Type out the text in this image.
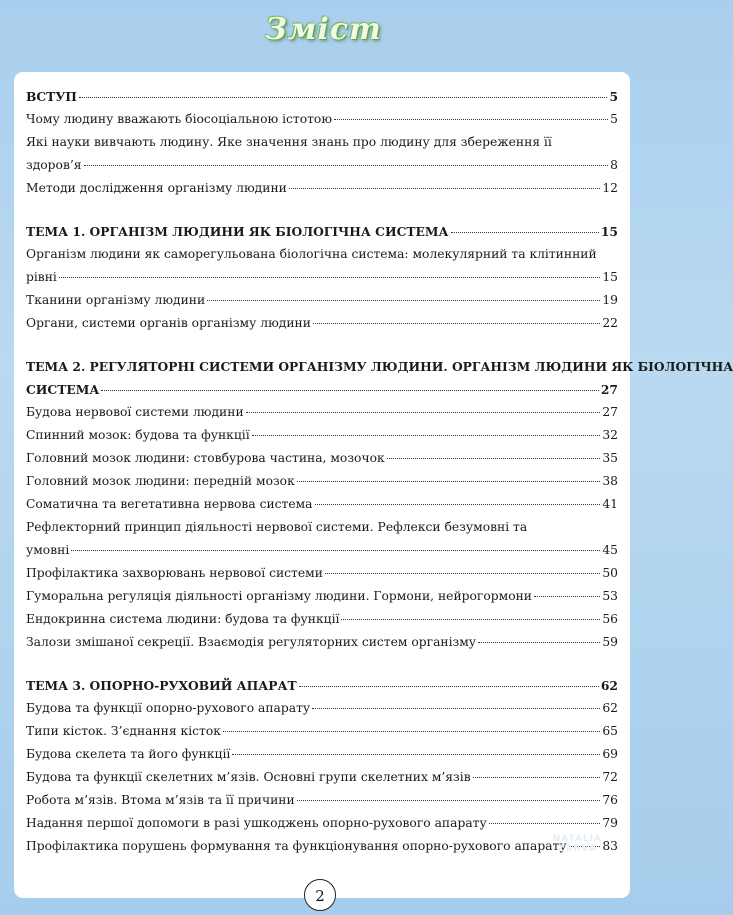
Зміст
ВСТУП	5
Чому людину вважають біосоціальною істотою	5
Які науки вивчають людину. Яке значення знань про людину для збереження її
здоров’я	8
Методи дослідження організму людини	12
ТЕМА 1. ОРГАНІЗМ ЛЮДИНИ ЯК БІОЛОГІЧНА СИСТЕМА	15
Організм людини як саморегульована біологічна система: молекулярний та клітинний
рівні	15
Тканини організму людини	19
Органи, системи органів організму людини	22
ТЕМА 2. РЕГУЛЯТОРНІ СИСТЕМИ ОРГАНІЗМУ ЛЮДИНИ. ОРГАНІЗМ ЛЮДИНИ ЯК БІОЛОГІЧНА
СИСТЕМА	27
Будова нервової системи людини	27
Спинний мозок: будова та функції	32
Головний мозок людини: стовбурова частина, мозочок	35
Головний мозок людини: передній мозок	38
Соматична та вегетативна нервова система	41
Рефлекторний принцип діяльності нервової системи. Рефлекси безумовні та
умовні	45
Профілактика захворювань нервової системи	50
Гуморальна регуляція діяльності організму людини. Гормони, нейрогормони	53
Ендокринна система людини: будова та функції	56
Залози змішаної секреції. Взаємодія регуляторних систем організму	59
ТЕМА 3. ОПОРНО-РУХОВИЙ АПАРАТ	62
Будова та функції опорно-рухового апарату	62
Типи кісток. З’єднання кісток	65
Будова скелета та його функції	69
Будова та функції скелетних м’язів. Основні групи скелетних м’язів	72
Робота м’язів. Втома м’язів та її причини	76
Надання першої допомоги в разі ушкоджень опорно-рухового апарату	79
Профілактика порушень формування та функціонування опорно-рухового апарату	83
NATALIA
ZARVA
2
